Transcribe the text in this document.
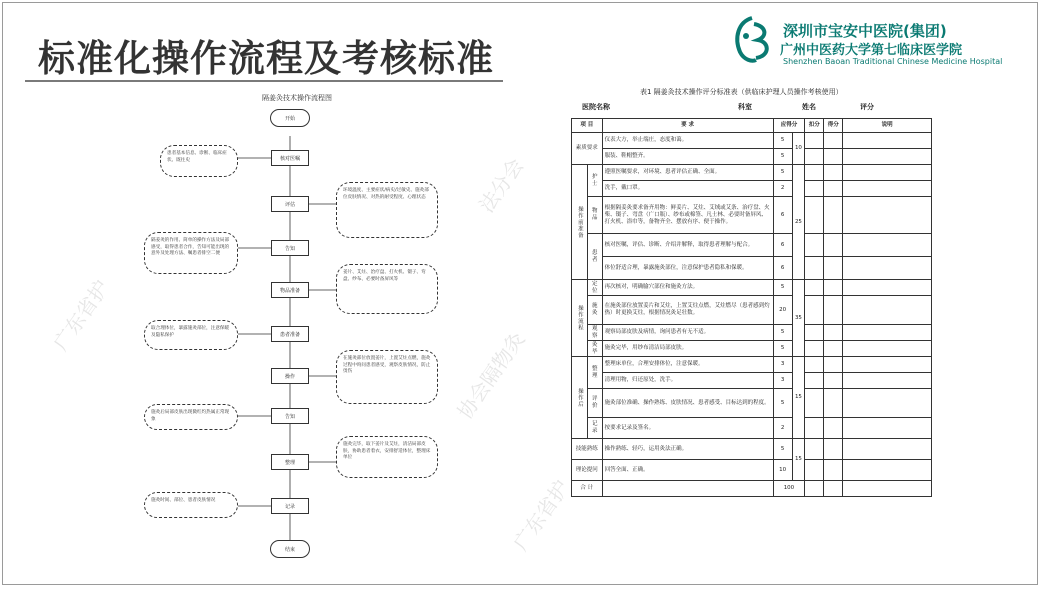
标准化操作流程及考核标准
深圳市宝安中医院(集团)
广州中医药大学第七临床医学院
Shenzhen Baoan Traditional Chinese Medicine Hospital
隔姜灸技术操作流程图
开始
核对医嘱
评估
告知
物品准备
患者准备
操作
告知
整理
记录
结束
患者基本信息、诊断、临床症状、既往史
环境温度、主要症状/病史/过敏史、施灸部位皮肤情况、对热的耐受程度、心理状态
隔姜灸的作用、简单的操作方法及局部感受，取得患者合作，告知可能出现的意外及处理方法、嘱患者排空二便
姜片、艾炷、治疗盘、打火机、镊子、弯盘、纱布、必要时备屏风等
取合理体位，暴露施灸部位，注意保暖及隐私保护
在施灸部位放置姜片，上置艾炷点燃，施灸过程中询问患者感受，观察皮肤情况，防止烫伤
施灸后局部皮肤出现微红灼热属正常现象
施灸完毕，取下姜片及艾炷，清洁局部皮肤，协助患者着衣，安排舒适体位，整理床单位
施灸时间、部位、患者皮肤情况
表1 隔姜灸技术操作评分标准表（供临床护理人员操作考核使用）
医院名称	科室	姓名	评分
项 目		要 求	应得分		扣分	得分	说明
素质要求		仪表大方，举止端庄，态度和蔼。	5	10			
		服装、鞋帽整齐。	5				
操作前准备	护士	遵照医嘱要求，对环境、患者评估正确、全面。	5	25			
		洗手，戴口罩。	2				
	物品	根据隔姜灸要求备齐用物：鲜姜片、艾炷、艾绒或艾条、治疗盘、火柴、镊子、弯盘（广口瓶）、纱布或棉签、凡士林、必要时备屏风、打火机、浴巾等，备物齐全、摆放有序、便于操作。	6				
	患者	核对医嘱，评估、诊断、介绍并解释，取得患者理解与配合。	6				
		体位舒适合理，暴露施灸部位，注意保护患者隐私和保暖。	6				
操作流程	定位	再次核对，明确腧穴部位和施灸方法。	5	35			
	施灸	在施灸部位放置姜片和艾炷，上置艾炷点燃，艾炷燃尽（患者感到灼热）时更换艾炷，根据情况灸足壮数。	20				
	观察	观察局部皮肤及病情，询问患者有无不适。	5				
	灸毕	施灸完毕，用纱布清洁局部皮肤。	5				
操作后	整理	整理床单位，合理安排体位，注意保暖。	3	15			
		清理用物，归还原处，洗手。	3				
	评价	施灸部位准确、操作熟练、皮肤情况、患者感受、目标达到的程度。	5				
	记录	按要求记录及签名。	2				
技能熟练		操作熟练、轻巧，运用灸法正确。	5	15			
理论提问		回答全面、正确。	10				
合 计			100				
广东省护
协会隔物灸
法分会
广东省护
